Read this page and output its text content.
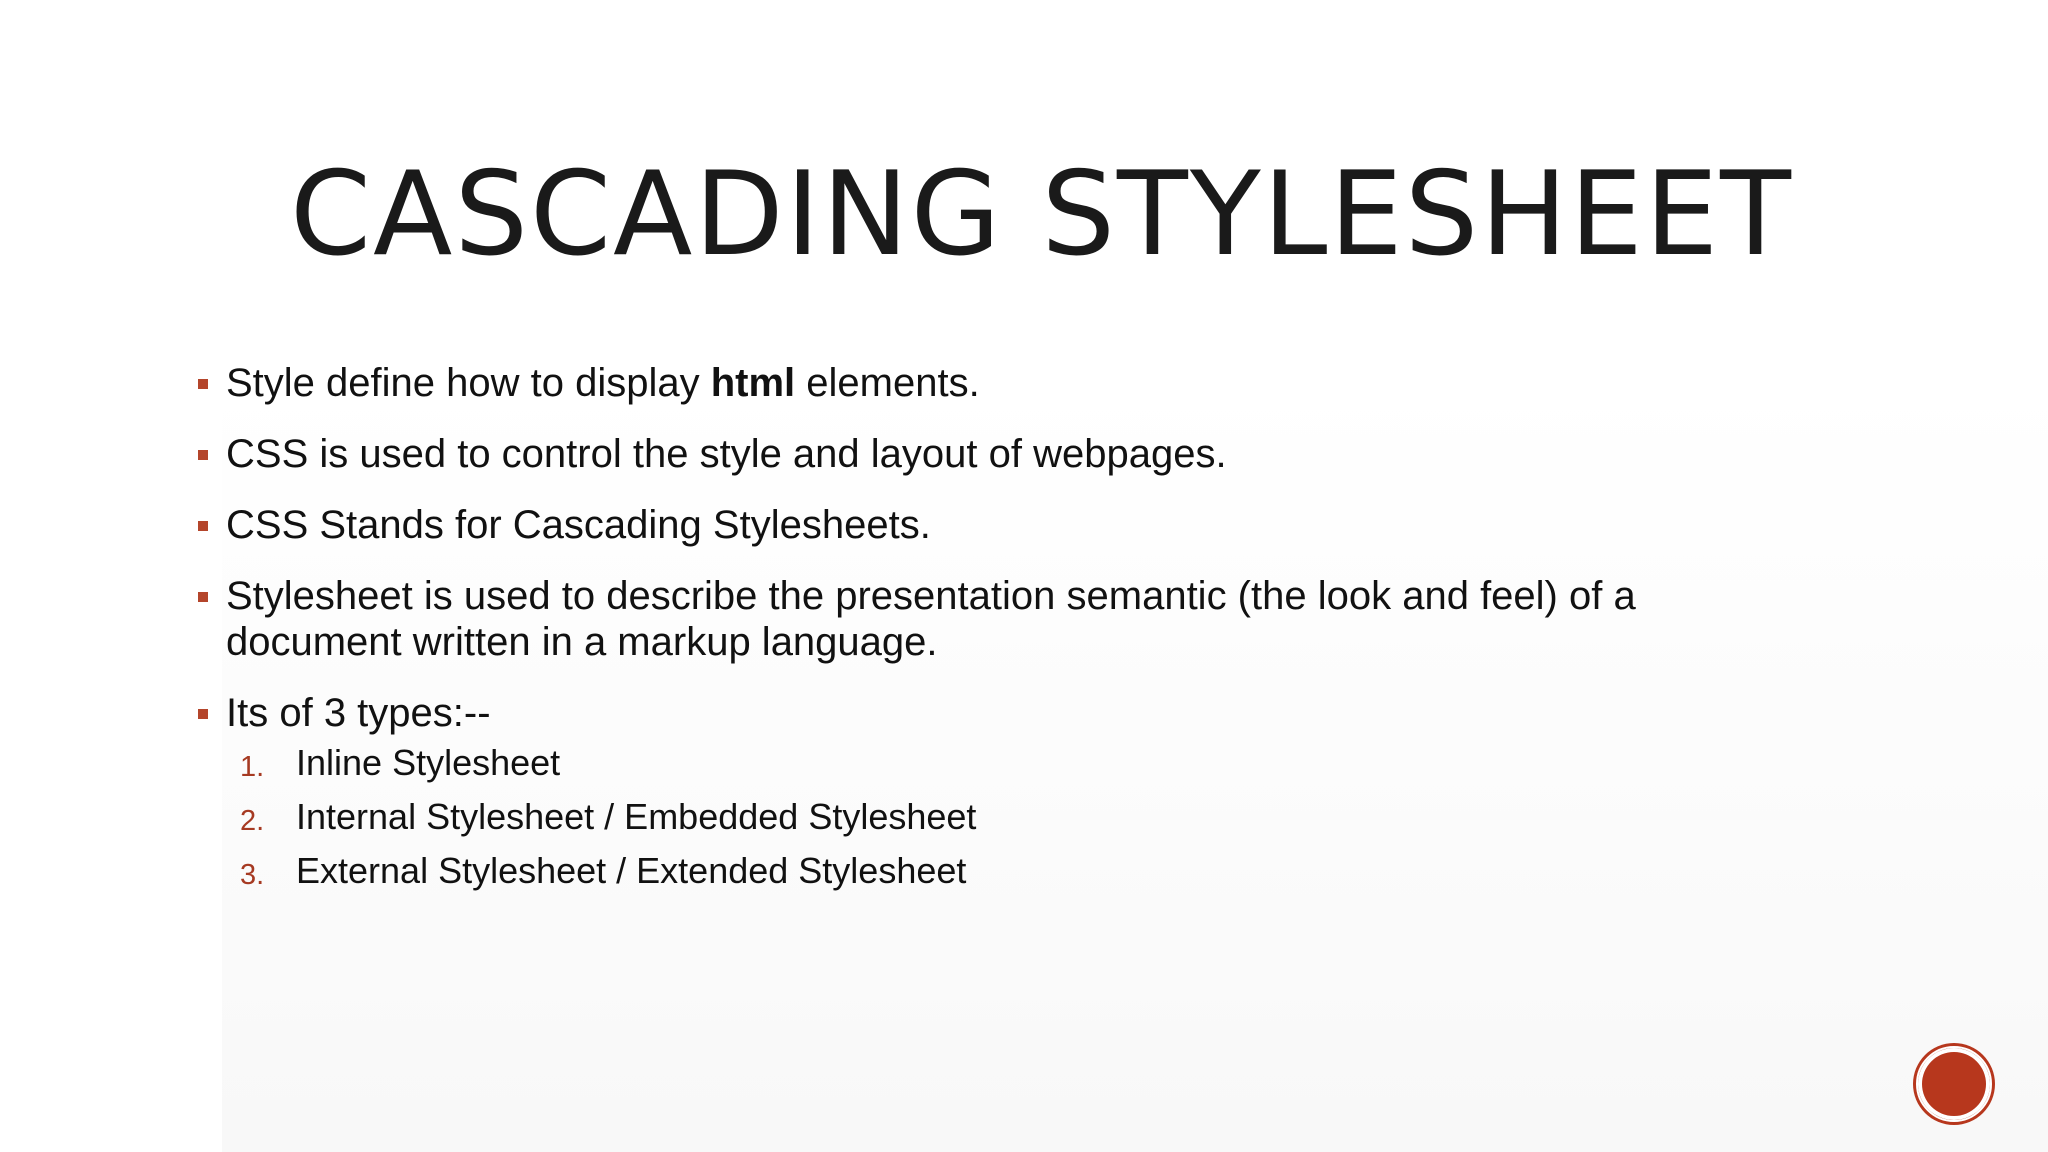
CASCADING STYLESHEET
Style define how to display html elements.
CSS is used to control the style and layout of webpages.
CSS Stands for Cascading Stylesheets.
Stylesheet is used to describe the presentation semantic (the look and feel) of a
document written in a markup language.
Its of 3 types:--
1. Inline Stylesheet
2. Internal Stylesheet / Embedded Stylesheet
3. External Stylesheet / Extended Stylesheet
